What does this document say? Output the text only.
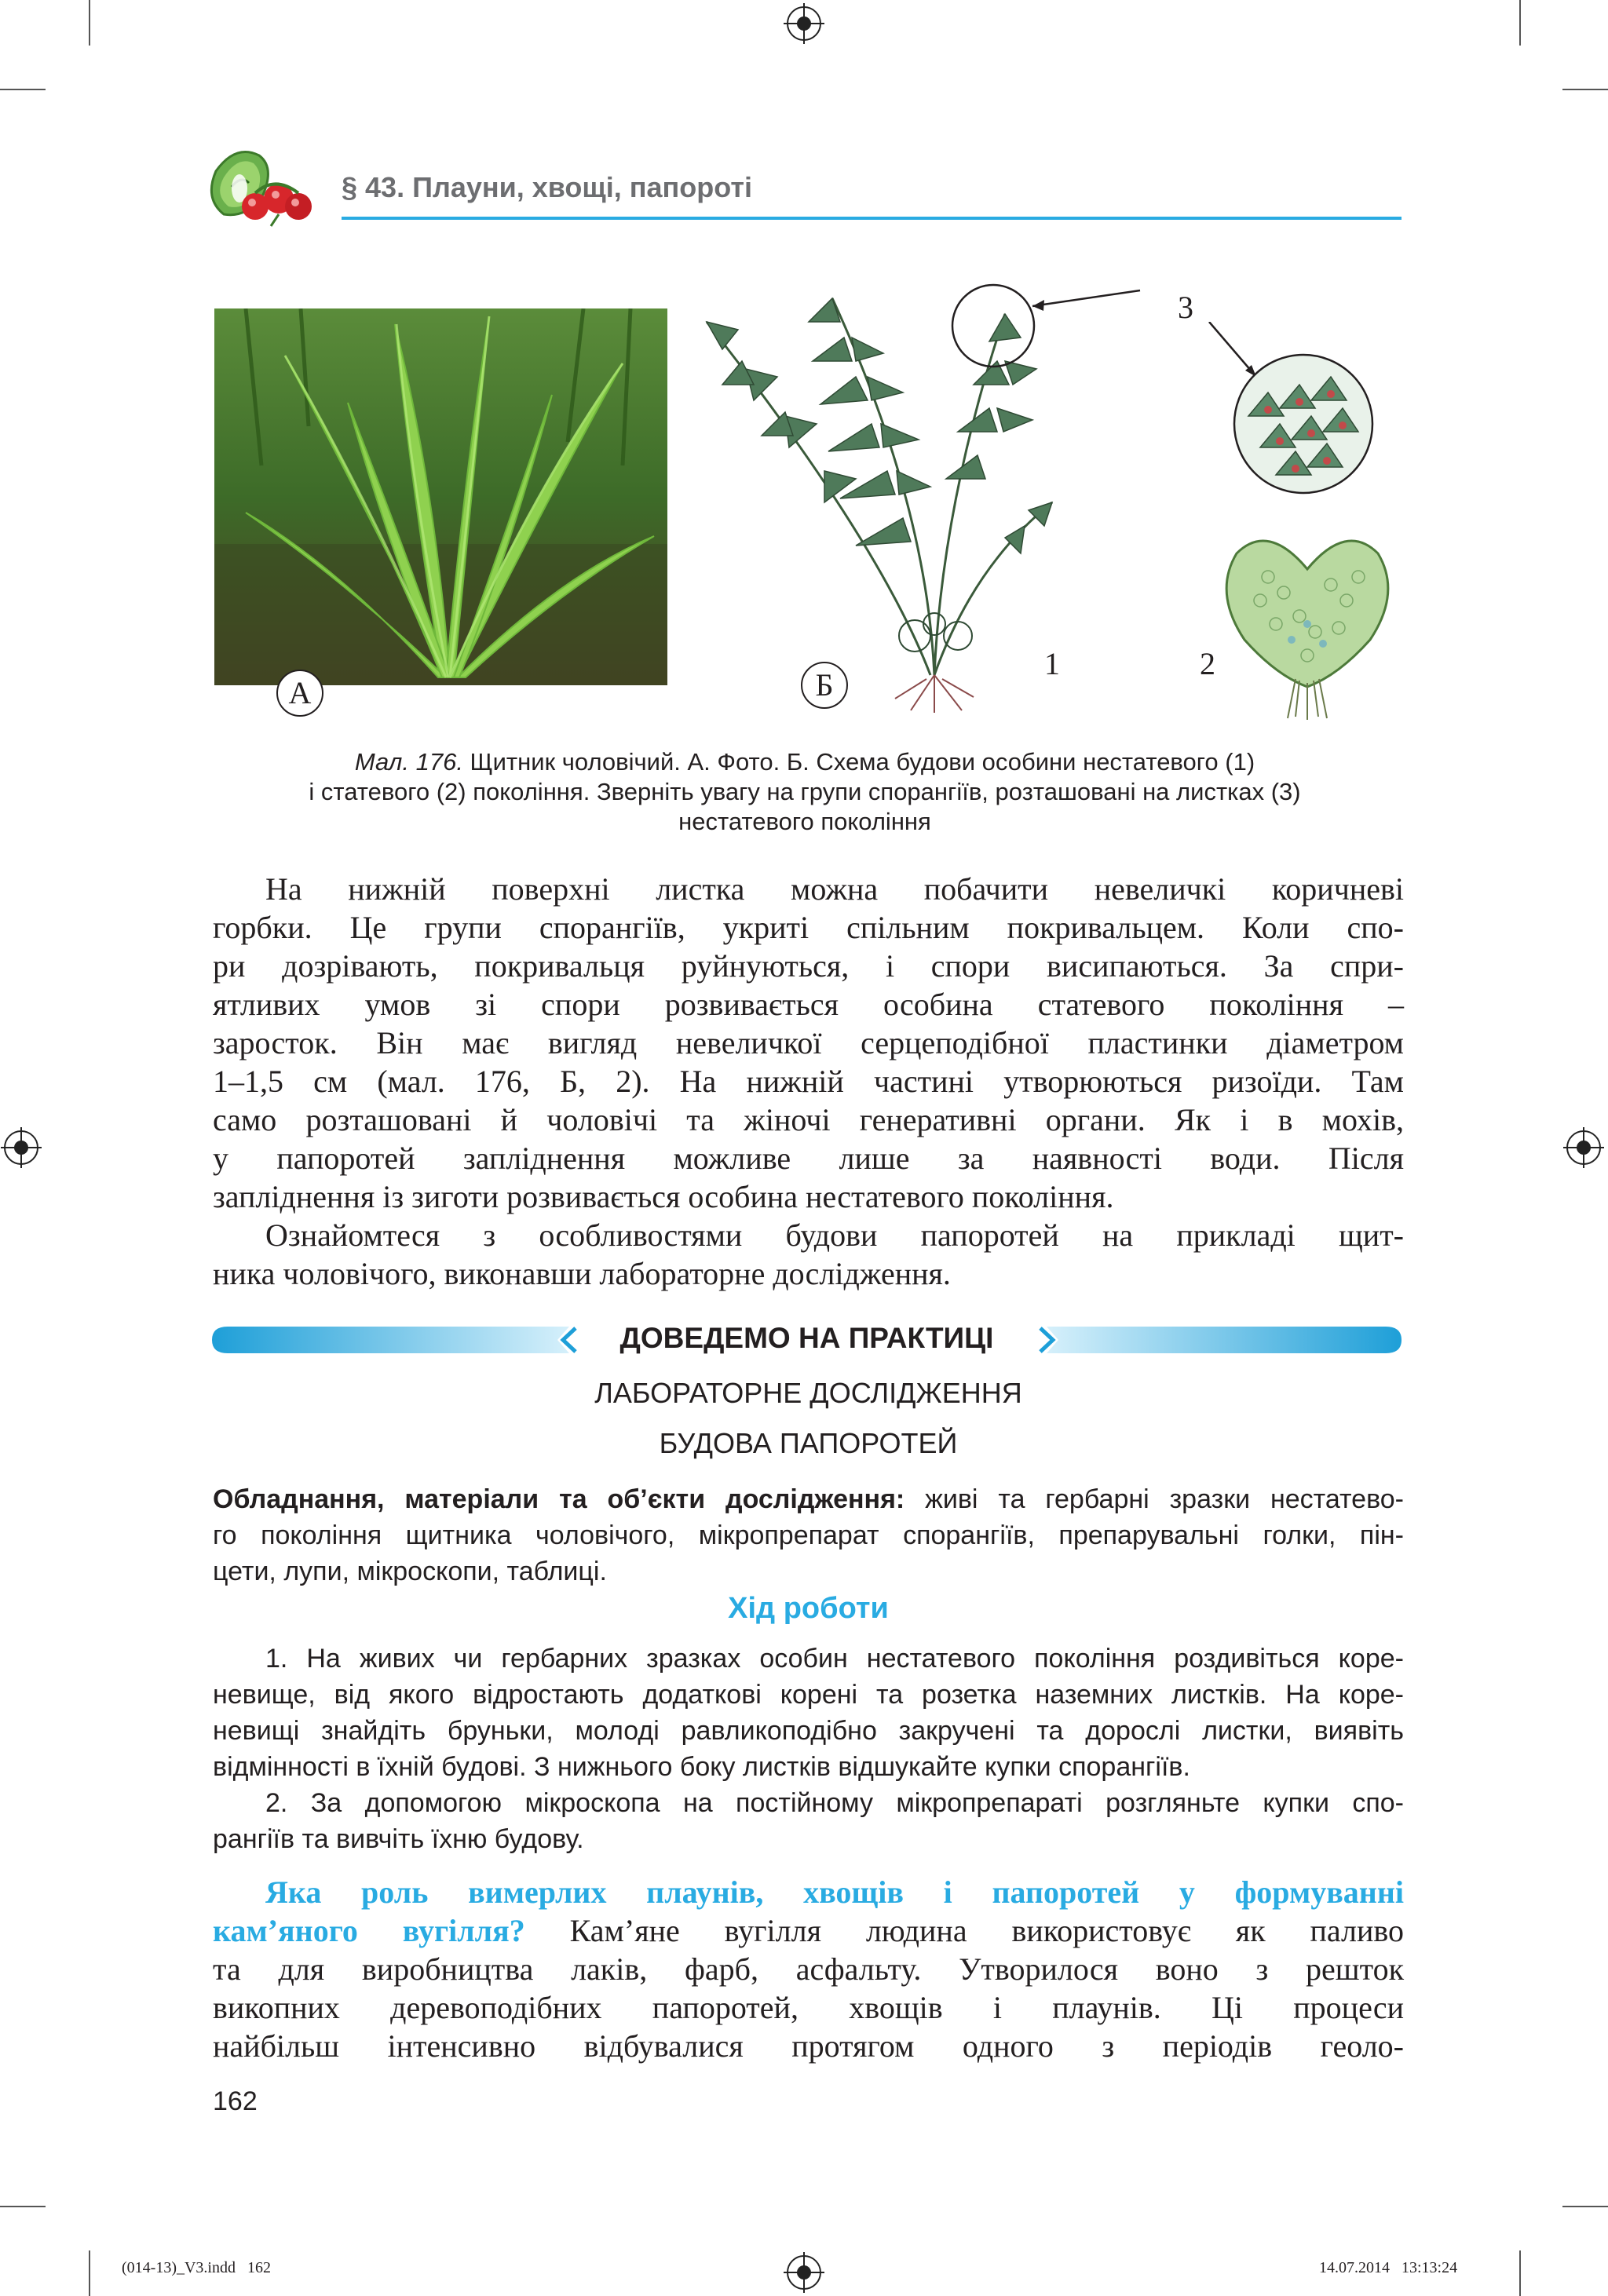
§ 43. Плауни, хвощі, папороті
А	Б
1	2
3
Мал. 176. Щитник чоловічий. А. Фото. Б. Схема будови особини нестатевого (1)
і статевого (2) покоління. Зверніть увагу на групи спорангіїв, розташовані на листках (3)
нестатевого покоління
На нижній поверхні листка можна побачити невеличкі коричневі
горбки. Це групи спорангіїв, укриті спільним покривальцем. Коли спо-
ри дозрівають, покривальця руйнуються, і спори висипаються. За спри-
ятливих умов зі спори розвивається особина статевого покоління –
заросток. Він має вигляд невеличкої серцеподібної пластинки діаметром
1–1,5 см (мал. 176, Б, 2). На нижній частині утворюються ризоїди. Там
само розташовані й чоловічі та жіночі генеративні органи. Як і в мохів,
у папоротей запліднення можливе лише за наявності води. Після
запліднення із зиготи розвивається особина нестатевого покоління.
Ознайомтеся з особливостями будови папоротей на прикладі щит-
ника чоловічого, виконавши лабораторне дослідження.
ДОВЕДЕМО НА ПРАКТИЦІ
ЛАБОРАТОРНЕ ДОСЛІДЖЕННЯ
БУДОВА ПАПОРОТЕЙ
Обладнання, матеріали та об’єкти дослідження: живі та гербарні зразки нестатево-
го покоління щитника чоловічого, мікропрепарат спорангіїв, препарувальні голки, пін-
цети, лупи, мікроскопи, таблиці.
Хід роботи
1. На живих чи гербарних зразках особин нестатевого покоління роздивіться коре-
невище, від якого відростають додаткові корені та розетка наземних листків. На коре-
невищі знайдіть бруньки, молоді равликоподібно закручені та дорослі листки, виявіть
відмінності в їхній будові. З нижнього боку листків відшукайте купки спорангіїв.
2. За допомогою мікроскопа на постійному мікропрепараті розгляньте купки спо-
рангіїв та вивчіть їхню будову.
Яка роль вимерлих плаунів, хвощів і папоротей у формуванні
кам’яного вугілля? Кам’яне вугілля людина використовує як паливо
та для виробництва лаків, фарб, асфальту. Утворилося воно з решток
викопних деревоподібних папоротей, хвощів і плаунів. Ці процеси
найбільш інтенсивно відбувалися протягом одного з періодів геоло-
162
(014-13)_V3.indd   162	14.07.2014   13:13:24
